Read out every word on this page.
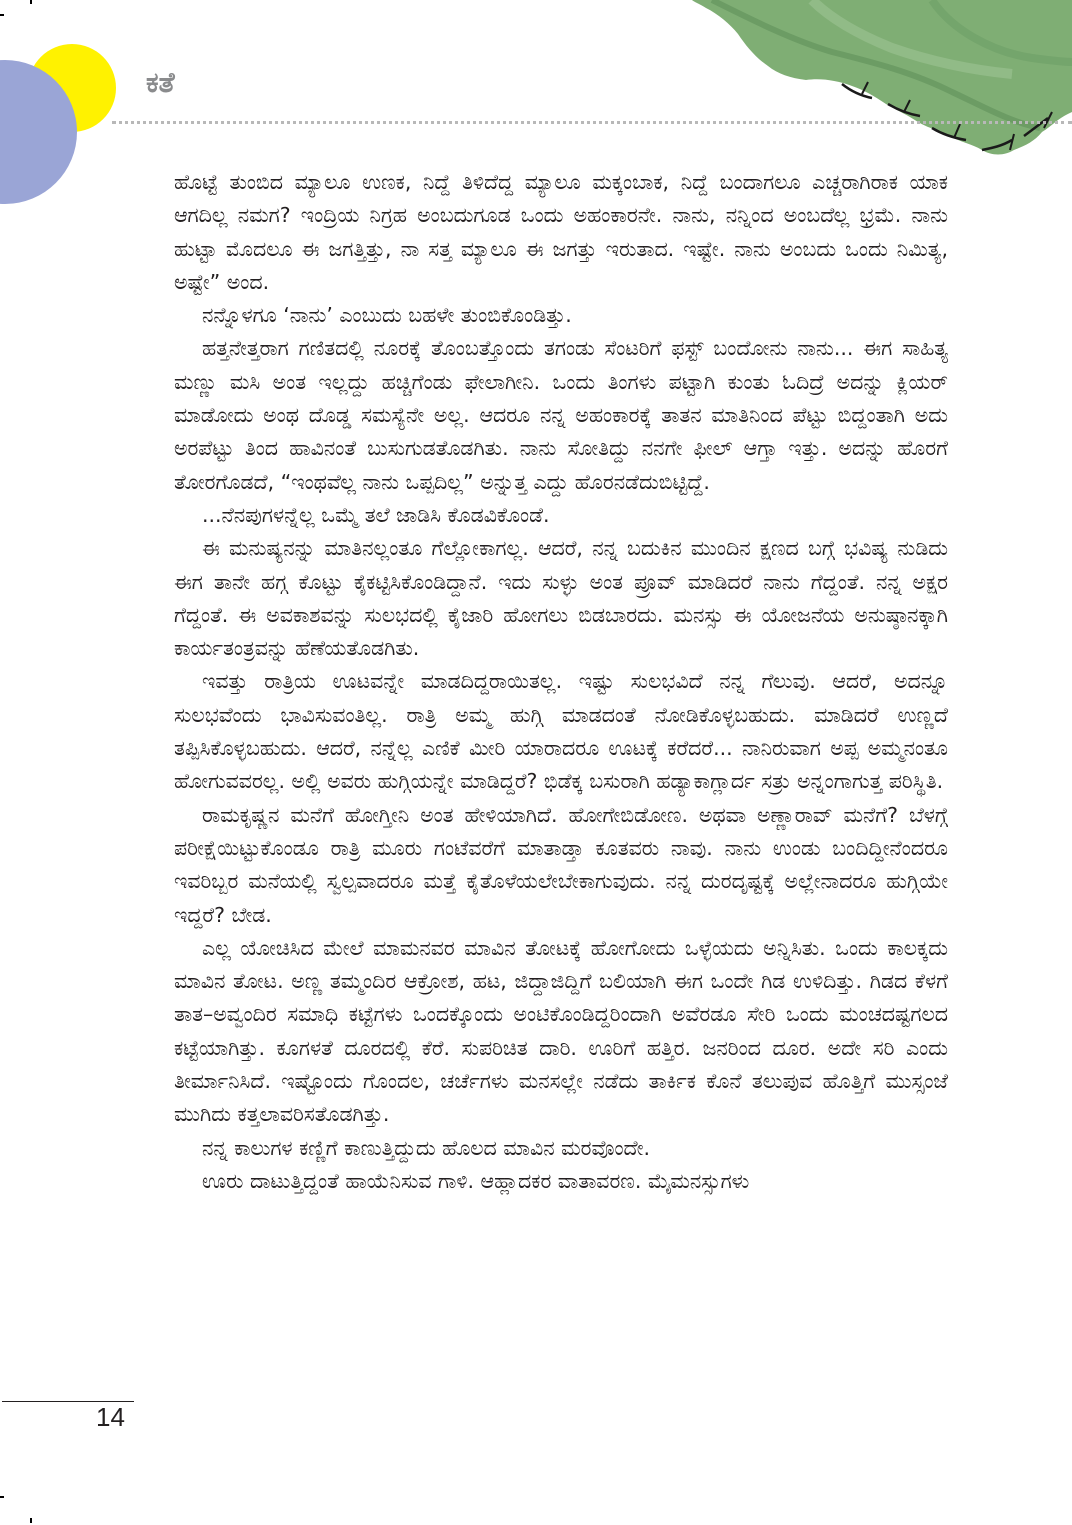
ಕತೆ

ಹೊಟ್ಟೆ ತುಂಬಿದ ಮ್ಯಾಲೂ ಉಣಕ, ನಿದ್ದೆ ತಿಳಿದೆದ್ದ ಮ್ಯಾಲೂ ಮಕ್ಕಂಬಾಕ, ನಿದ್ದೆ ಬಂದಾಗಲೂ ಎಚ್ಚರಾಗಿರಾಕ ಯಾಕ ಆಗದಿಲ್ಲ ನಮಗ? ಇಂದ್ರಿಯ ನಿಗ್ರಹ ಅಂಬದುಗೂಡ ಒಂದು ಅಹಂಕಾರನೇ. ನಾನು, ನನ್ನಿಂದ ಅಂಬದೆಲ್ಲ ಭ್ರಮೆ. ನಾನು ಹುಟ್ಟಾ ಮೊದಲೂ ಈ ಜಗತ್ತಿತ್ತು, ನಾ ಸತ್ತ ಮ್ಯಾಲೂ ಈ ಜಗತ್ತು ಇರುತಾದ. ಇಷ್ಟೇ. ನಾನು ಅಂಬದು ಒಂದು ನಿಮಿತ್ಯ, ಅಷ್ಟೇ” ಅಂದ.

ನನ್ನೊಳಗೂ ‘ನಾನು’ ಎಂಬುದು ಬಹಳೇ ತುಂಬಿಕೊಂಡಿತ್ತು.

ಹತ್ತನೇತ್ತರಾಗ ಗಣಿತದಲ್ಲಿ ನೂರಕ್ಕೆ ತೊಂಬತ್ತೊಂದು ತಗಂಡು ಸೆಂಟರಿಗೆ ಫಸ್ಟ್ ಬಂದೋನು ನಾನು... ಈಗ ಸಾಹಿತ್ಯ ಮಣ್ಣು ಮಸಿ ಅಂತ ಇಲ್ಲದ್ದು ಹಚ್ಚಿಗೆಂಡು ಫೇಲಾಗೀನಿ. ಒಂದು ತಿಂಗಳು ಪಟ್ಟಾಗಿ ಕುಂತು ಓದಿದ್ರೆ ಅದನ್ನು ಕ್ಲಿಯರ್ ಮಾಡೋದು ಅಂಥ ದೊಡ್ಡ ಸಮಸ್ಯೆನೇ ಅಲ್ಲ. ಆದರೂ ನನ್ನ ಅಹಂಕಾರಕ್ಕೆ ತಾತನ ಮಾತಿನಿಂದ ಪೆಟ್ಟು ಬಿದ್ದಂತಾಗಿ ಅದು ಅರಪೆಟ್ಟು ತಿಂದ ಹಾವಿನಂತೆ ಬುಸುಗುಡತೊಡಗಿತು. ನಾನು ಸೋತಿದ್ದು ನನಗೇ ಫೀಲ್ ಆಗ್ತಾ ಇತ್ತು. ಅದನ್ನು ಹೊರಗೆ ತೋರಗೊಡದೆ, “ಇಂಥವೆಲ್ಲ ನಾನು ಒಪ್ಪದಿಲ್ಲ” ಅನ್ನುತ್ತ ಎದ್ದು ಹೊರನಡೆದುಬಿಟ್ಟಿದ್ದೆ.

...ನೆನಪುಗಳನ್ನೆಲ್ಲ ಒಮ್ಮೆ ತಲೆ ಜಾಡಿಸಿ ಕೊಡವಿಕೊಂಡೆ.

ಈ ಮನುಷ್ಯನನ್ನು ಮಾತಿನಲ್ಲಂತೂ ಗೆಲ್ಲೋಕಾಗಲ್ಲ. ಆದರೆ, ನನ್ನ ಬದುಕಿನ ಮುಂದಿನ ಕ್ಷಣದ ಬಗ್ಗೆ ಭವಿಷ್ಯ ನುಡಿದು ಈಗ ತಾನೇ ಹಗ್ಗ ಕೊಟ್ಟು ಕೈಕಟ್ಟಿಸಿಕೊಂಡಿದ್ದಾನೆ. ಇದು ಸುಳ್ಳು ಅಂತ ಪ್ರೂವ್ ಮಾಡಿದರೆ ನಾನು ಗೆದ್ದಂತೆ. ನನ್ನ ಅಕ್ಷರ ಗೆದ್ದಂತೆ. ಈ ಅವಕಾಶವನ್ನು ಸುಲಭದಲ್ಲಿ ಕೈಜಾರಿ ಹೋಗಲು ಬಿಡಬಾರದು. ಮನಸ್ಸು ಈ ಯೋಜನೆಯ ಅನುಷ್ಠಾನಕ್ಕಾಗಿ ಕಾರ್ಯತಂತ್ರವನ್ನು ಹೆಣೆಯತೊಡಗಿತು.

ಇವತ್ತು ರಾತ್ರಿಯ ಊಟವನ್ನೇ ಮಾಡದಿದ್ದರಾಯಿತಲ್ಲ. ಇಷ್ಟು ಸುಲಭವಿದೆ ನನ್ನ ಗೆಲುವು. ಆದರೆ, ಅದನ್ನೂ ಸುಲಭವೆಂದು ಭಾವಿಸುವಂತಿಲ್ಲ. ರಾತ್ರಿ ಅಮ್ಮ ಹುಗ್ಗಿ ಮಾಡದಂತೆ ನೋಡಿಕೊಳ್ಳಬಹುದು. ಮಾಡಿದರೆ ಉಣ್ಣದೆ ತಪ್ಪಿಸಿಕೊಳ್ಳಬಹುದು. ಆದರೆ, ನನ್ನೆಲ್ಲ ಎಣಿಕೆ ಮೀರಿ ಯಾರಾದರೂ ಊಟಕ್ಕೆ ಕರೆದರೆ... ನಾನಿರುವಾಗ ಅಪ್ಪ ಅಮ್ಮನಂತೂ ಹೋಗುವವರಲ್ಲ. ಅಲ್ಲಿ ಅವರು ಹುಗ್ಗಿಯನ್ನೇ ಮಾಡಿದ್ದರೆ? ಭಿಡೆಕ್ಕ ಬಸುರಾಗಿ ಹಡ್ಯಾಕಾಗ್ಲಾರ್ದ ಸತ್ರು ಅನ್ನಂಗಾಗುತ್ತ ಪರಿಸ್ಥಿತಿ.

ರಾಮಕೃಷ್ಣನ ಮನೆಗೆ ಹೋಗ್ತೀನಿ ಅಂತ ಹೇಳಿಯಾಗಿದೆ. ಹೋಗೇಬಿಡೋಣ. ಅಥವಾ ಅಣ್ಣಾರಾವ್ ಮನೆಗೆ? ಬೆಳಗ್ಗೆ ಪರೀಕ್ಷೆಯಿಟ್ಟುಕೊಂಡೂ ರಾತ್ರಿ ಮೂರು ಗಂಟೆವರೆಗೆ ಮಾತಾಡ್ತಾ ಕೂತವರು ನಾವು. ನಾನು ಉಂಡು ಬಂದಿದ್ದೀನೆಂದರೂ ಇವರಿಬ್ಬರ ಮನೆಯಲ್ಲಿ ಸ್ವಲ್ಪವಾದರೂ ಮತ್ತೆ ಕೈತೊಳೆಯಲೇಬೇಕಾಗುವುದು. ನನ್ನ ದುರದೃಷ್ಟಕ್ಕೆ ಅಲ್ಲೇನಾದರೂ ಹುಗ್ಗಿಯೇ ಇದ್ದರೆ? ಬೇಡ.

ಎಲ್ಲ ಯೋಚಿಸಿದ ಮೇಲೆ ಮಾಮನವರ ಮಾವಿನ ತೋಟಕ್ಕೆ ಹೋಗೋದು ಒಳ್ಳೆಯದು ಅನ್ನಿಸಿತು. ಒಂದು ಕಾಲಕ್ಕದು ಮಾವಿನ ತೋಟ. ಅಣ್ಣ ತಮ್ಮಂದಿರ ಆಕ್ರೋಶ, ಹಟ, ಜಿದ್ದಾಜಿದ್ದಿಗೆ ಬಲಿಯಾಗಿ ಈಗ ಒಂದೇ ಗಿಡ ಉಳಿದಿತ್ತು. ಗಿಡದ ಕೆಳಗೆ ತಾತ–ಅವ್ವಂದಿರ ಸಮಾಧಿ ಕಟ್ಟೆಗಳು ಒಂದಕ್ಕೊಂದು ಅಂಟಿಕೊಂಡಿದ್ದರಿಂದಾಗಿ ಅವೆರಡೂ ಸೇರಿ ಒಂದು ಮಂಚದಷ್ಟಗಲದ ಕಟ್ಟೆಯಾಗಿತ್ತು. ಕೂಗಳತೆ ದೂರದಲ್ಲಿ ಕೆರೆ. ಸುಪರಿಚಿತ ದಾರಿ. ಊರಿಗೆ ಹತ್ತಿರ. ಜನರಿಂದ ದೂರ. ಅದೇ ಸರಿ ಎಂದು ತೀರ್ಮಾನಿಸಿದೆ. ಇಷ್ಟೊಂದು ಗೊಂದಲ, ಚರ್ಚೆಗಳು ಮನಸಲ್ಲೇ ನಡೆದು ತಾರ್ಕಿಕ ಕೊನೆ ತಲುಪುವ ಹೊತ್ತಿಗೆ ಮುಸ್ಸಂಜೆ ಮುಗಿದು ಕತ್ತಲಾವರಿಸತೊಡಗಿತ್ತು.

ನನ್ನ ಕಾಲುಗಳ ಕಣ್ಣಿಗೆ ಕಾಣುತ್ತಿದ್ದುದು ಹೊಲದ ಮಾವಿನ ಮರವೊಂದೇ.

ಊರು ದಾಟುತ್ತಿದ್ದಂತೆ ಹಾಯೆನಿಸುವ ಗಾಳಿ. ಆಹ್ಲಾದಕರ ವಾತಾವರಣ. ಮೈಮನಸ್ಸುಗಳು

14
